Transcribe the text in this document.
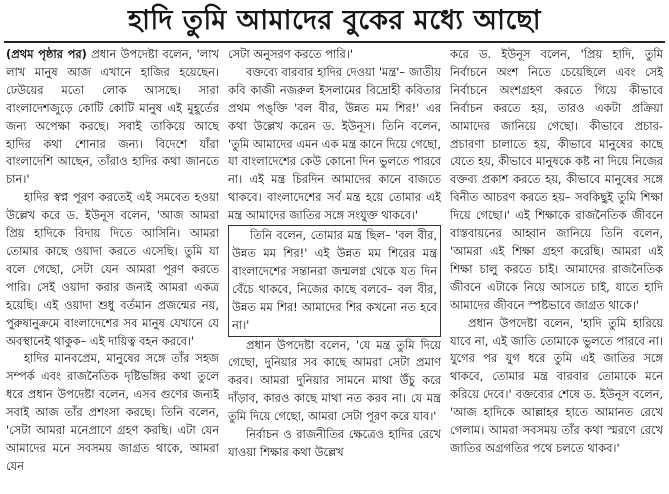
হাদি তুমি আমাদের বুকের মধ্যে আছো

(প্রথম পৃষ্ঠার পর) প্রধান উপদেষ্টা বলেন, 'লাখ লাখ মানুষ আজ এখানে হাজির হয়েছেন। ঢেউয়ের মতো লোক আসছে। সারা বাংলাদেশজুড়ে কোটি কোটি মানুষ এই মুহূর্তের জন্য অপেক্ষা করছে। সবাই তাকিয়ে আছে হাদির কথা শোনার জন্য। বিদেশে যাঁরা বাংলাদেশি আছেন, তাঁরাও হাদির কথা জানতে চান।'

হাদির স্বপ্ন পূরণ করতেই এই সমবেত হওয়া উল্লেখ করে ড. ইউনূস বলেন, 'আজ আমরা প্রিয় হাদিকে বিদায় দিতে আসিনি। আমরা তোমার কাছে ওয়াদা করতে এসেছি। তুমি যা বলে গেছো, সেটা যেন আমরা পূরণ করতে পারি। সেই ওয়াদা করার জন্যই আমরা একত্র হয়েছি। এই ওয়াদা শুধু বর্তমান প্রজন্মের নয়, পুরুষানুক্রমে বাংলাদেশের সব মানুষ যেখানে যে অবস্থানেই থাকুক– এই দায়িত্ব বহন করবে।'

হাদির মানবপ্রেম, মানুষের সঙ্গে তাঁর সহজ সম্পর্ক এবং রাজনৈতিক দৃষ্টিভঙ্গির কথা তুলে ধরে প্রধান উপদেষ্টা বলেন, এসব গুণের জন্যই সবাই আজ তাঁর প্রশংসা করছে। তিনি বলেন, 'সেটা আমরা মনেপ্রাণে গ্রহণ করছি। এটা যেন আমাদের মনে সবসময় জাগ্রত থাকে, আমরা যেন

সেটা অনুসরণ করতে পারি।'

বক্তব্যে বারবার হাদির দেওয়া 'মন্ত্র'– জাতীয় কবি কাজী নজরুল ইসলামের বিদ্রোহী কবিতার প্রথম পঙ্‌ক্তি 'বল বীর, উন্নত মম শির!' এর কথা উল্লেখ করেন ড. ইউনূস। তিনি বলেন, 'তুমি আমাদের এমন এক মন্ত্র কানে দিয়ে গেছো, যা বাংলাদেশের কেউ কোনো দিন ভুলতে পারবে না। এই মন্ত্র চিরদিন আমাদের কানে বাজতে থাকবে। বাংলাদেশের সর্ব মন্ত্র হয়ে তোমার এই মন্ত্র আমাদের জাতির সঙ্গে সংযুক্ত থাকবে।'

তিনি বলেন, তোমার মন্ত্র ছিল– 'বল বীর, উন্নত মম শির!' এই উন্নত মম শিরের মন্ত্র বাংলাদেশের সন্তানরা জন্মলগ্ন থেকে যত দিন বেঁচে থাকবে, নিজের কাছে বলবে– বল বীর, উন্নত মম শির! আমাদের শির কখনো নত হবে না।'

প্রধান উপদেষ্টা বলেন, 'যে মন্ত্র তুমি দিয়ে গেছো, দুনিয়ার সব কাছে আমরা সেটা প্রমাণ করব। আমরা দুনিয়ার সামনে মাথা উঁচু করে দাঁড়াব, কারও কাছে মাথা নত করব না। যে মন্ত্র তুমি দিয়ে গেছো, আমরা সেটা পূরণ করে যাব।'

নির্বাচন ও রাজনীতির ক্ষেত্রেও হাদির রেখে যাওয়া শিক্ষার কথা উল্লেখ

করে ড. ইউনূস বলেন, 'প্রিয় হাদি, তুমি নির্বাচনে অংশ নিতে চেয়েছিলে এবং সেই নির্বাচনে অংশগ্রহণ করতে গিয়ে কীভাবে নির্বাচন করতে হয়, তারও একটা প্রক্রিয়া আমাদের জানিয়ে গেছো। কীভাবে প্রচার-প্রচারণা চালাতে হয়, কীভাবে মানুষের কাছে যেতে হয়, কীভাবে মানুষকে কষ্ট না দিয়ে নিজের বক্তব্য প্রকাশ করতে হয়, কীভাবে মানুষের সঙ্গে বিনীত আচরণ করতে হয়– সবকিছুই তুমি শিক্ষা দিয়ে গেছো।' এই শিক্ষাকে রাজনৈতিক জীবনে বাস্তবায়নের আহ্বান জানিয়ে তিনি বলেন, 'আমরা এই শিক্ষা গ্রহণ করেছি। আমরা এই শিক্ষা চালু করতে চাই। আমাদের রাজনৈতিক জীবনে এটাকে নিয়ে আসতে চাই, যাতে হাদি আমাদের জীবনে স্পষ্টভাবে জাগ্রত থাকে।'

প্রধান উপদেষ্টা বলেন, 'হাদি তুমি হারিয়ে যাবে না, এই জাতি তোমাকে ভুলতে পারবে না। যুগের পর যুগ ধরে তুমি এই জাতির সঙ্গে থাকবে, তোমার মন্ত্র বারবার তোমাকে মনে করিয়ে দেবে।' বক্তব্যের শেষে ড. ইউনূস বলেন, 'আজ হাদিকে আল্লাহর হাতে আমানত রেখে গেলাম। আমরা সবসময় তাঁর কথা স্মরণে রেখে জাতির অগ্রগতির পথে চলতে থাকব।'
